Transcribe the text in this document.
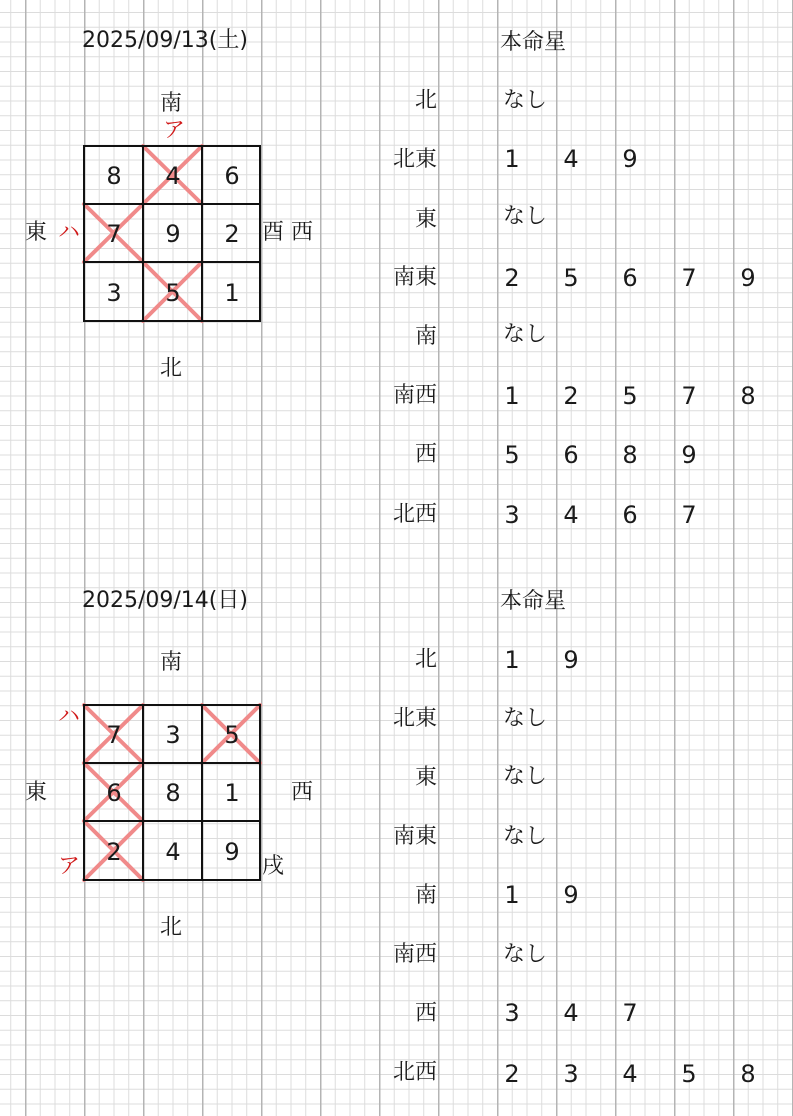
2025/09/13(土)
南
ア
東 ハ	酉 西
北
8	4	6
7	9	2
3	5	1
本命星
北	なし
北東	1	4	9
東	なし
南東	2	5	6	7	9
南	なし
南西	1	2	5	7	8
西	5	6	8	9
北西	3	4	6	7
2025/09/14(日)
南
ハ
東	西
ア	戌
北
7	3	5
6	8	1
2	4	9
本命星
北	1	9
北東	なし
東	なし
南東	なし
南	1	9
南西	なし
西	3	4	7
北西	2	3	4	5	8
